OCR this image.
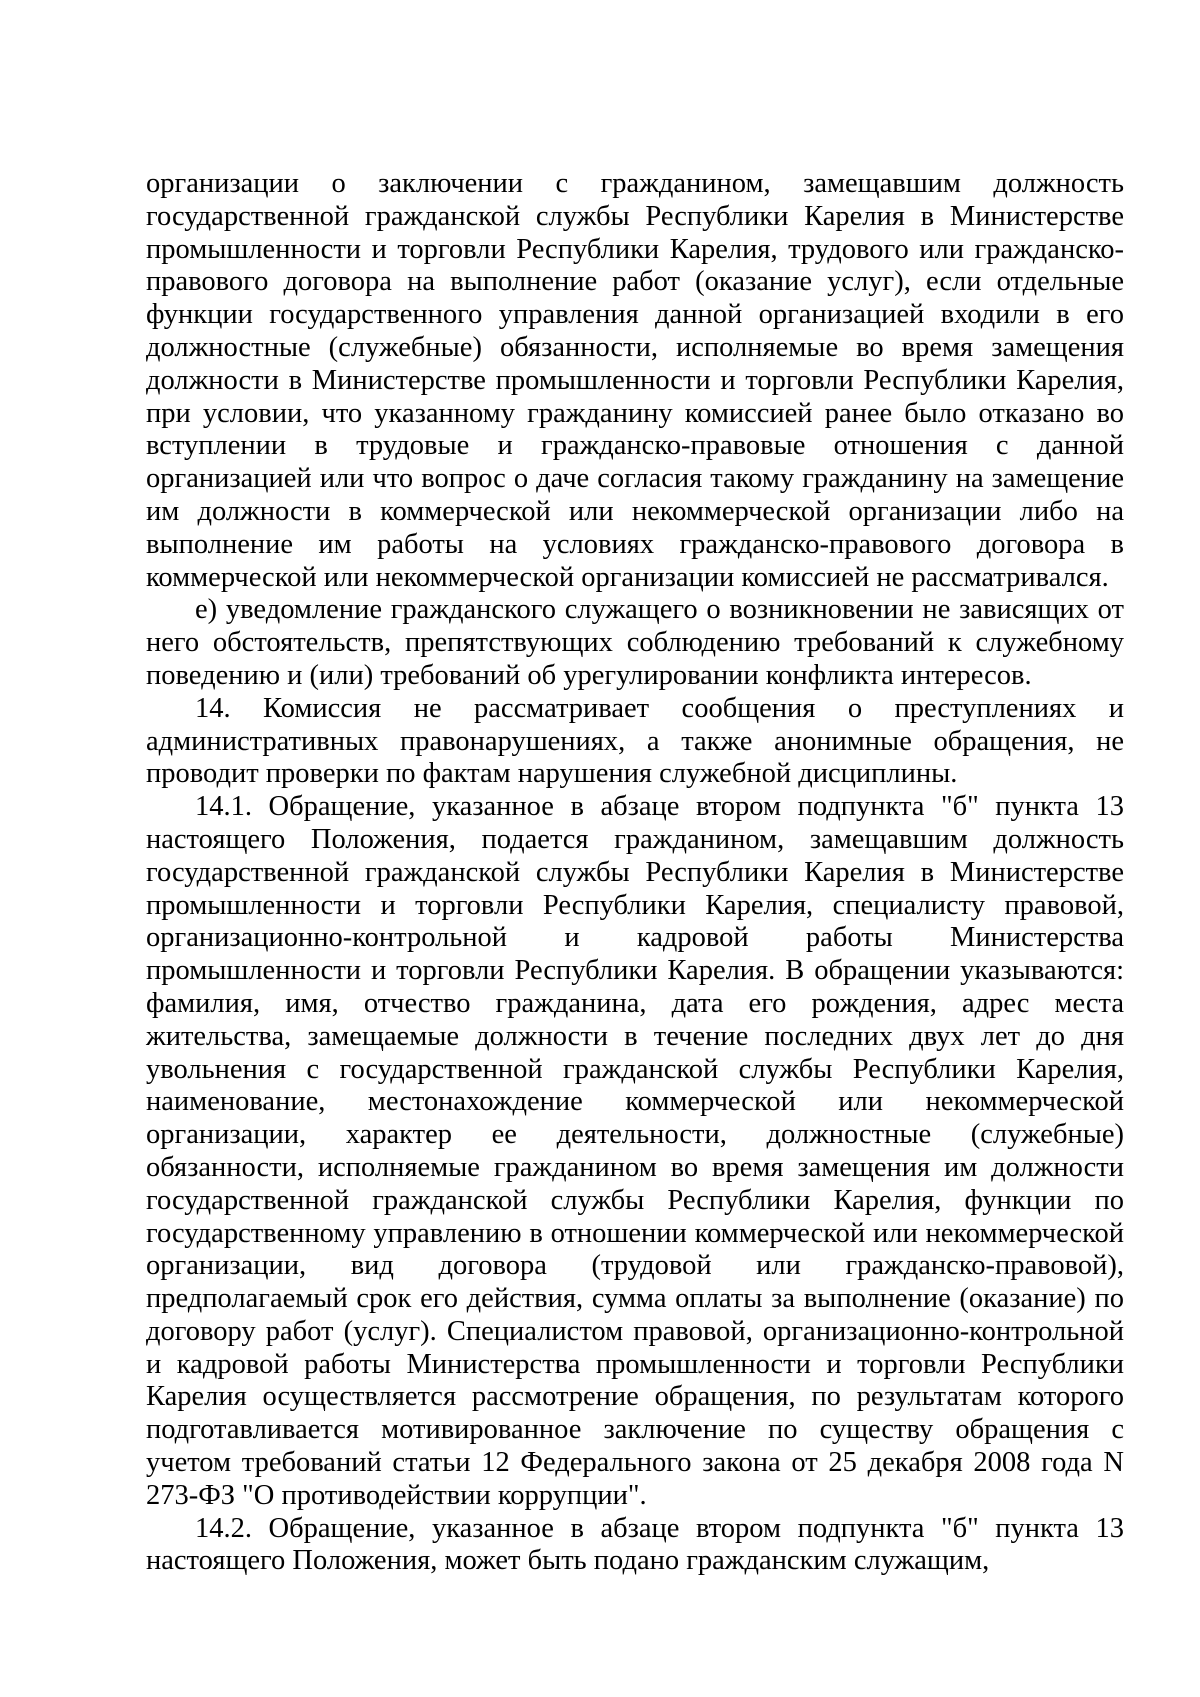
организации о заключении с гражданином, замещавшим должность государственной гражданской службы Республики Карелия в Министерстве промышленности и торговли Республики Карелия, трудового или гражданско-правового договора на выполнение работ (оказание услуг), если отдельные функции государственного управления данной организацией входили в его должностные (служебные) обязанности, исполняемые во время замещения должности в Министерстве промышленности и торговли Республики Карелия, при условии, что указанному гражданину комиссией ранее было отказано во вступлении в трудовые и гражданско-правовые отношения с данной организацией или что вопрос о даче согласия такому гражданину на замещение им должности в коммерческой или некоммерческой организации либо на выполнение им работы на условиях гражданско-правового договора в коммерческой или некоммерческой организации комиссией не рассматривался.

е) уведомление гражданского служащего о возникновении не зависящих от него обстоятельств, препятствующих соблюдению требований к служебному поведению и (или) требований об урегулировании конфликта интересов.

14. Комиссия не рассматривает сообщения о преступлениях и административных правонарушениях, а также анонимные обращения, не проводит проверки по фактам нарушения служебной дисциплины.

14.1. Обращение, указанное в абзаце втором подпункта "б" пункта 13 настоящего Положения, подается гражданином, замещавшим должность государственной гражданской службы Республики Карелия в Министерстве промышленности и торговли Республики Карелия, специалисту правовой, организационно-контрольной и кадровой работы Министерства промышленности и торговли Республики Карелия. В обращении указываются: фамилия, имя, отчество гражданина, дата его рождения, адрес места жительства, замещаемые должности в течение последних двух лет до дня увольнения с государственной гражданской службы Республики Карелия, наименование, местонахождение коммерческой или некоммерческой организации, характер ее деятельности, должностные (служебные) обязанности, исполняемые гражданином во время замещения им должности государственной гражданской службы Республики Карелия, функции по государственному управлению в отношении коммерческой или некоммерческой организации, вид договора (трудовой или гражданско-правовой), предполагаемый срок его действия, сумма оплаты за выполнение (оказание) по договору работ (услуг). Специалистом правовой, организационно-контрольной и кадровой работы Министерства промышленности и торговли Республики Карелия осуществляется рассмотрение обращения, по результатам которого подготавливается мотивированное заключение по существу обращения с учетом требований статьи 12 Федерального закона от 25 декабря 2008 года N 273-ФЗ "О противодействии коррупции".

14.2. Обращение, указанное в абзаце втором подпункта "б" пункта 13 настоящего Положения, может быть подано гражданским служащим,
